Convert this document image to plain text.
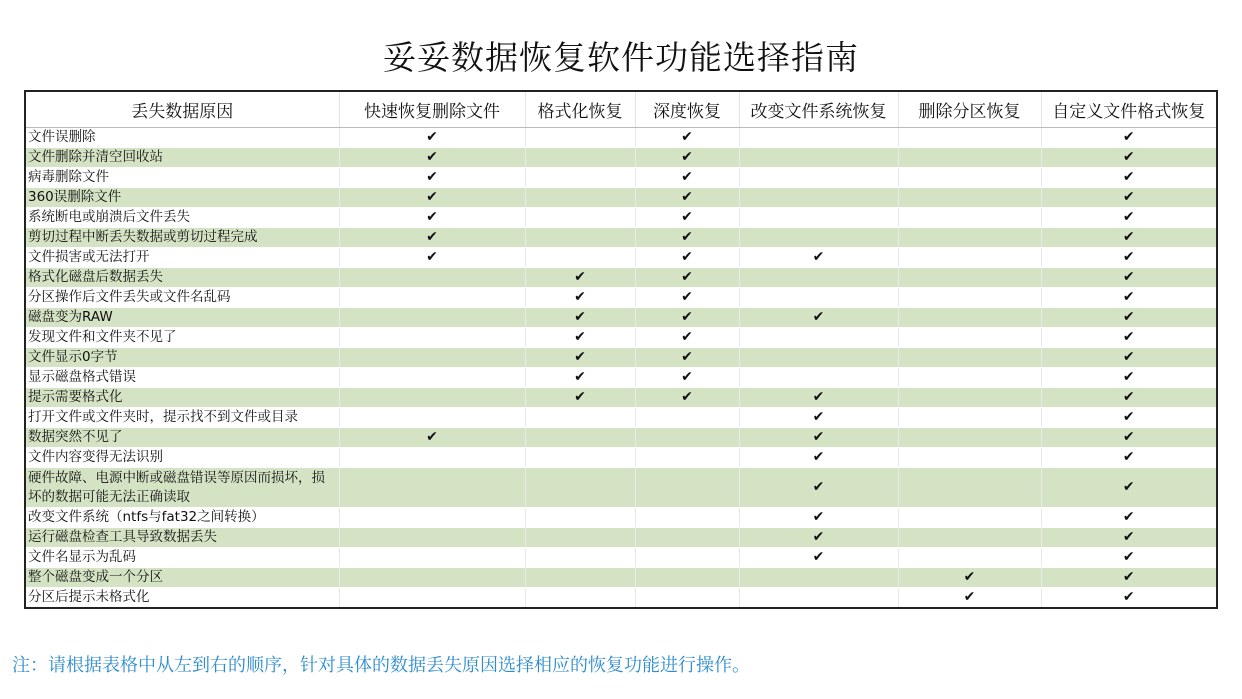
妥妥数据恢复软件功能选择指南
丢失数据原因	快速恢复删除文件	格式化恢复	深度恢复	改变文件系统恢复	删除分区恢复	自定义文件格式恢复
文件误删除	✔		✔			✔
文件删除并清空回收站	✔		✔			✔
病毒删除文件	✔		✔			✔
360误删除文件	✔		✔			✔
系统断电或崩溃后文件丢失	✔		✔			✔
剪切过程中断丢失数据或剪切过程完成	✔		✔			✔
文件损害或无法打开	✔		✔	✔		✔
格式化磁盘后数据丢失		✔	✔			✔
分区操作后文件丢失或文件名乱码		✔	✔			✔
磁盘变为RAW		✔	✔	✔		✔
发现文件和文件夹不见了		✔	✔			✔
文件显示0字节		✔	✔			✔
显示磁盘格式错误		✔	✔			✔
提示需要格式化		✔	✔	✔		✔
打开文件或文件夹时，提示找不到文件或目录				✔		✔
数据突然不见了	✔			✔		✔
文件内容变得无法识别				✔		✔
硬件故障、电源中断或磁盘错误等原因而损坏，损坏的数据可能无法正确读取				✔		✔
改变文件系统（ntfs与fat32之间转换）				✔		✔
运行磁盘检查工具导致数据丢失				✔		✔
文件名显示为乱码				✔		✔
整个磁盘变成一个分区					✔	✔
分区后提示未格式化					✔	✔
注：请根据表格中从左到右的顺序，针对具体的数据丢失原因选择相应的恢复功能进行操作。
